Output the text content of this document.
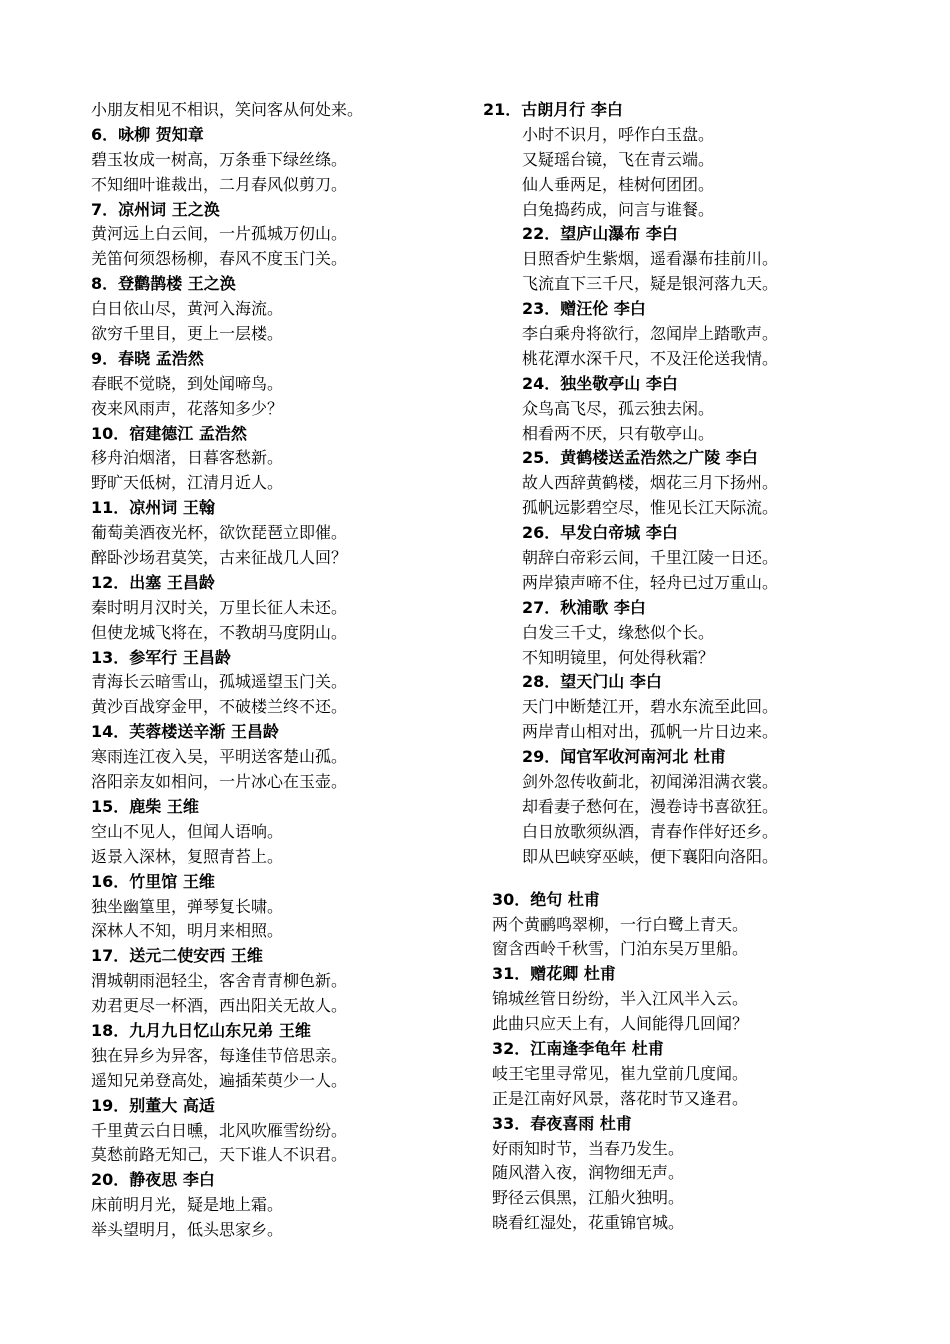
小朋友相见不相识，笑问客从何处来。
6．咏柳 贺知章
碧玉妆成一树高，万条垂下绿丝绦。
不知细叶谁裁出，二月春风似剪刀。
7．凉州词 王之涣
黄河远上白云间，一片孤城万仞山。
羌笛何须怨杨柳，春风不度玉门关。
8．登鹳鹊楼 王之涣
白日依山尽，黄河入海流。
欲穷千里目，更上一层楼。
9．春晓 孟浩然
春眠不觉晓，到处闻啼鸟。
夜来风雨声，花落知多少？
10．宿建德江 孟浩然
移舟泊烟渚，日暮客愁新。
野旷天低树，江清月近人。
11．凉州词 王翰
葡萄美酒夜光杯，欲饮琵琶立即催。
醉卧沙场君莫笑，古来征战几人回？
12．出塞 王昌龄
秦时明月汉时关，万里长征人未还。
但使龙城飞将在，不教胡马度阴山。
13．参军行 王昌龄
青海长云暗雪山，孤城遥望玉门关。
黄沙百战穿金甲，不破楼兰终不还。
14．芙蓉楼送辛渐 王昌龄
寒雨连江夜入吴，平明送客楚山孤。
洛阳亲友如相问，一片冰心在玉壶。
15．鹿柴 王维
空山不见人，但闻人语响。
返景入深林，复照青苔上。
16．竹里馆 王维
独坐幽篁里，弹琴复长啸。
深林人不知，明月来相照。
17．送元二使安西 王维
渭城朝雨浥轻尘，客舍青青柳色新。
劝君更尽一杯酒，西出阳关无故人。
18．九月九日忆山东兄弟 王维
独在异乡为异客，每逢佳节倍思亲。
遥知兄弟登高处，遍插茱萸少一人。
19．别董大 高适
千里黄云白日曛，北风吹雁雪纷纷。
莫愁前路无知己，天下谁人不识君。
20．静夜思 李白
床前明月光，疑是地上霜。
举头望明月，低头思家乡。
21．古朗月行 李白
小时不识月，呼作白玉盘。
又疑瑶台镜，飞在青云端。
仙人垂两足，桂树何团团。
白兔捣药成，问言与谁餐。
22．望庐山瀑布 李白
日照香炉生紫烟，遥看瀑布挂前川。
飞流直下三千尺，疑是银河落九天。
23．赠汪伦 李白
李白乘舟将欲行，忽闻岸上踏歌声。
桃花潭水深千尺，不及汪伦送我情。
24．独坐敬亭山 李白
众鸟高飞尽，孤云独去闲。
相看两不厌，只有敬亭山。
25．黄鹤楼送孟浩然之广陵 李白
故人西辞黄鹤楼，烟花三月下扬州。
孤帆远影碧空尽，惟见长江天际流。
26．早发白帝城 李白
朝辞白帝彩云间，千里江陵一日还。
两岸猿声啼不住，轻舟已过万重山。
27．秋浦歌 李白
白发三千丈，缘愁似个长。
不知明镜里，何处得秋霜？
28．望天门山 李白
天门中断楚江开，碧水东流至此回。
两岸青山相对出，孤帆一片日边来。
29．闻官军收河南河北 杜甫
剑外忽传收蓟北，初闻涕泪满衣裳。
却看妻子愁何在，漫卷诗书喜欲狂。
白日放歌须纵酒，青春作伴好还乡。
即从巴峡穿巫峡，便下襄阳向洛阳。
30．绝句 杜甫
两个黄鹂鸣翠柳，一行白鹭上青天。
窗含西岭千秋雪，门泊东吴万里船。
31．赠花卿 杜甫
锦城丝管日纷纷，半入江风半入云。
此曲只应天上有，人间能得几回闻？
32．江南逢李龟年 杜甫
岐王宅里寻常见，崔九堂前几度闻。
正是江南好风景，落花时节又逢君。
33．春夜喜雨 杜甫
好雨知时节，当春乃发生。
随风潜入夜，润物细无声。
野径云俱黑，江船火独明。
晓看红湿处，花重锦官城。
